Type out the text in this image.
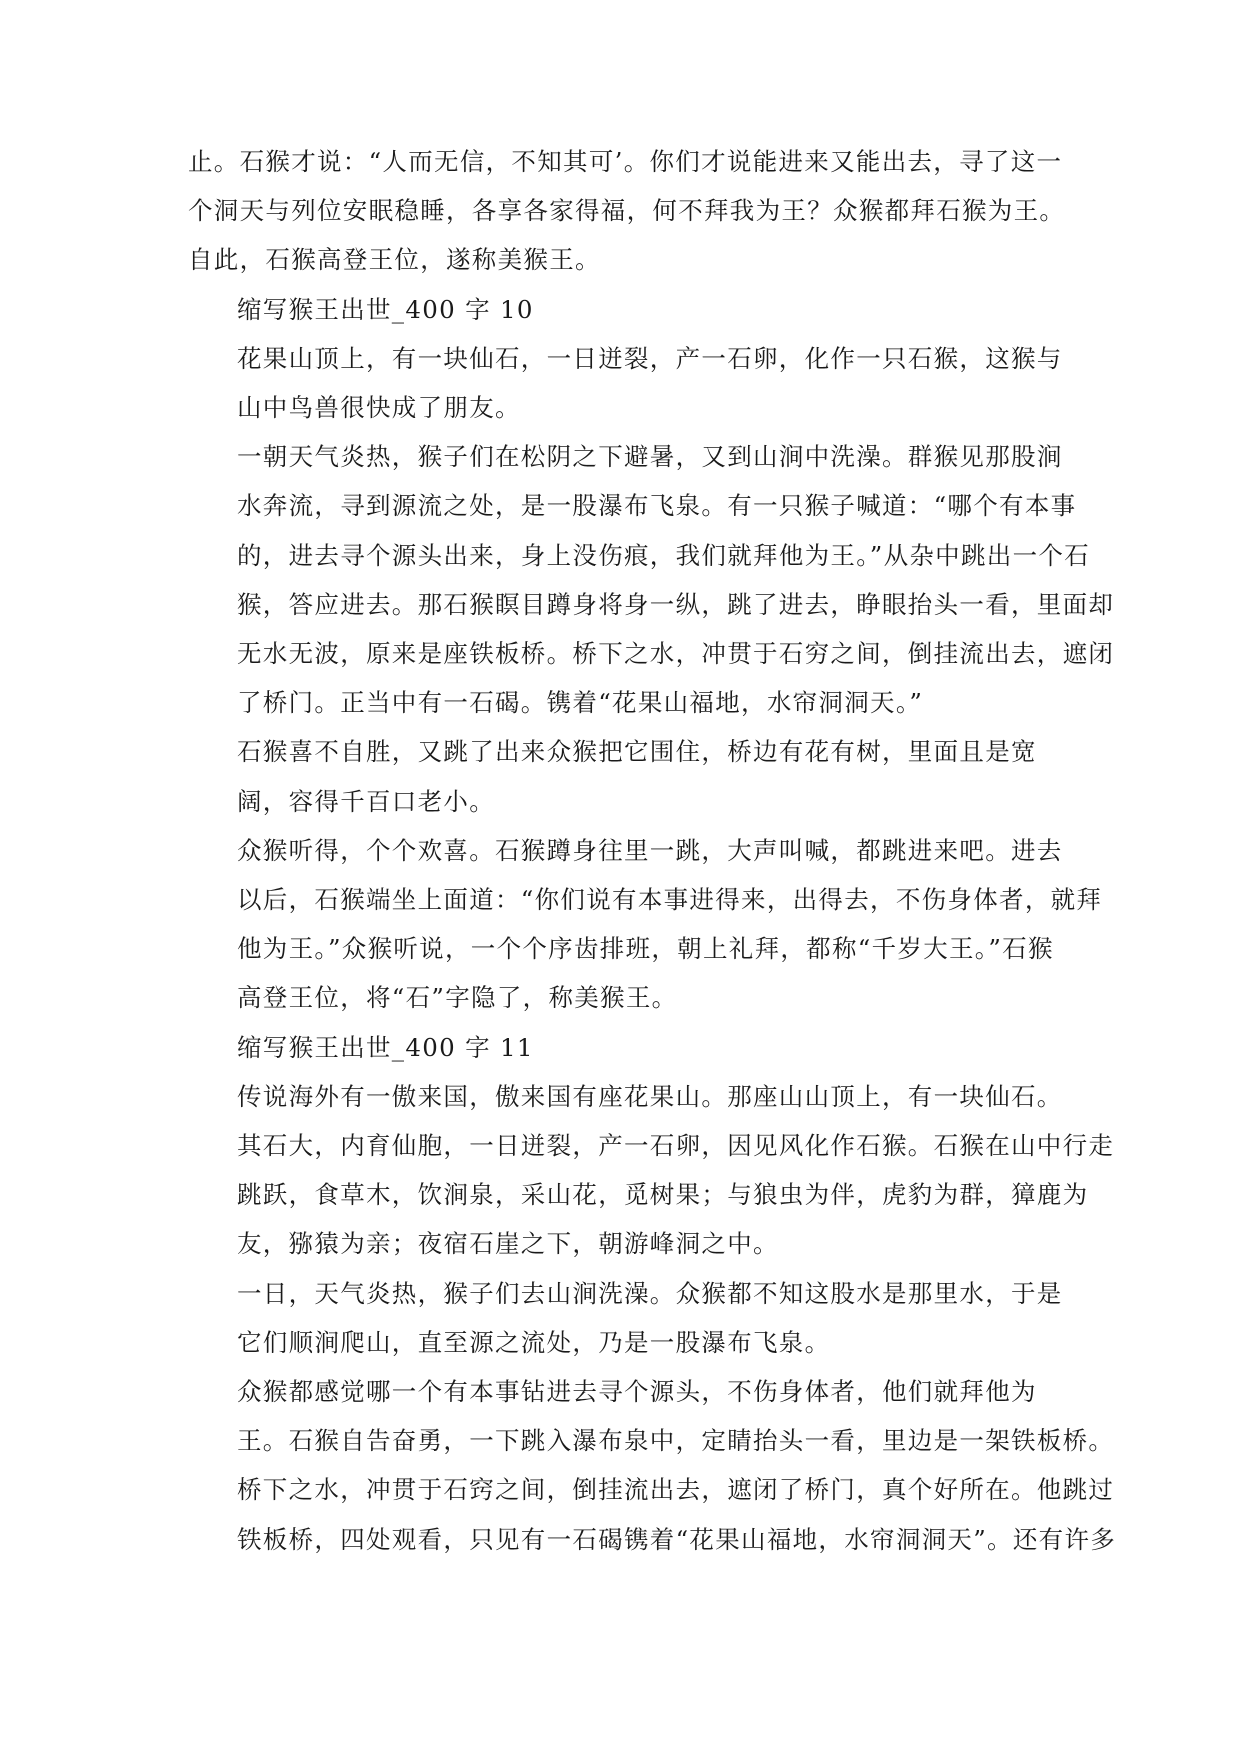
止。石猴才说：“人而无信，不知其可’。你们才说能进来又能出去，寻了这一
个洞天与列位安眠稳睡，各享各家得福，何不拜我为王？众猴都拜石猴为王。
自此，石猴高登王位，遂称美猴王。
缩写猴王出世_400 字 10
花果山顶上，有一块仙石，一日迸裂，产一石卵，化作一只石猴，这猴与
山中鸟兽很快成了朋友。
一朝天气炎热，猴子们在松阴之下避暑，又到山涧中洗澡。群猴见那股涧
水奔流，寻到源流之处，是一股瀑布飞泉。有一只猴子喊道：“哪个有本事
的，进去寻个源头出来，身上没伤痕，我们就拜他为王。”从杂中跳出一个石
猴，答应进去。那石猴瞑目蹲身将身一纵，跳了进去，睁眼抬头一看，里面却
无水无波，原来是座铁板桥。桥下之水，冲贯于石穷之间，倒挂流出去，遮闭
了桥门。正当中有一石碣。镌着“花果山福地，水帘洞洞天。”
石猴喜不自胜，又跳了出来众猴把它围住，桥边有花有树，里面且是宽
阔，容得千百口老小。
众猴听得，个个欢喜。石猴蹲身往里一跳，大声叫喊，都跳进来吧。进去
以后，石猴端坐上面道：“你们说有本事进得来，出得去，不伤身体者，就拜
他为王。”众猴听说，一个个序齿排班，朝上礼拜，都称“千岁大王。”石猴
高登王位，将“石”字隐了，称美猴王。
缩写猴王出世_400 字 11
传说海外有一傲来国，傲来国有座花果山。那座山山顶上，有一块仙石。
其石大，内育仙胞，一日迸裂，产一石卵，因见风化作石猴。石猴在山中行走
跳跃，食草木，饮涧泉，采山花，觅树果；与狼虫为伴，虎豹为群，獐鹿为
友，猕猿为亲；夜宿石崖之下，朝游峰洞之中。
一日，天气炎热，猴子们去山涧洗澡。众猴都不知这股水是那里水，于是
它们顺涧爬山，直至源之流处，乃是一股瀑布飞泉。
众猴都感觉哪一个有本事钻进去寻个源头，不伤身体者，他们就拜他为
王。石猴自告奋勇，一下跳入瀑布泉中，定睛抬头一看，里边是一架铁板桥。
桥下之水，冲贯于石窍之间，倒挂流出去，遮闭了桥门，真个好所在。他跳过
铁板桥，四处观看，只见有一石碣镌着“花果山福地，水帘洞洞天”。还有许多
